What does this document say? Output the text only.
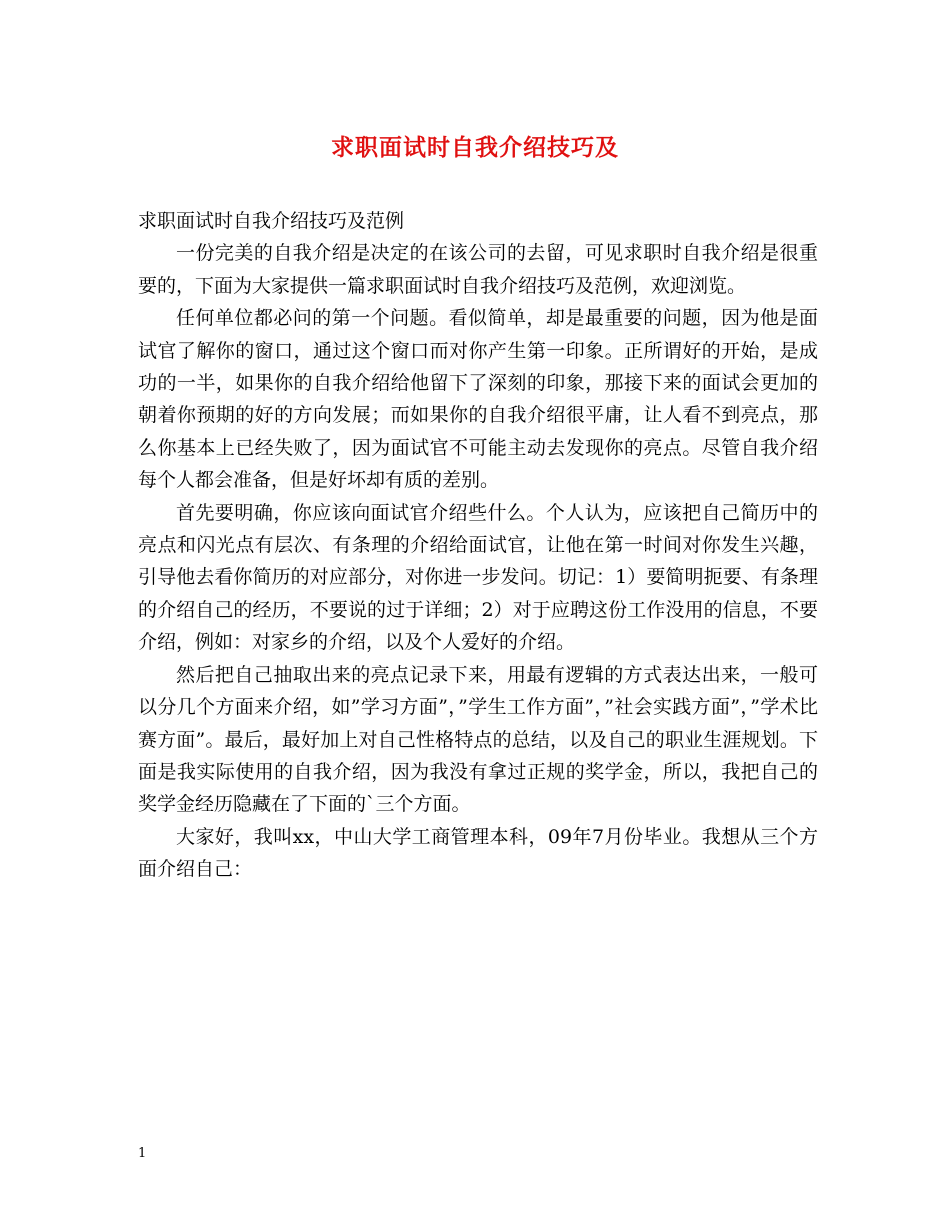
求职面试时自我介绍技巧及

求职面试时自我介绍技巧及范例

一份完美的自我介绍是决定的在该公司的去留，可见求职时自我介绍是很重要的，下面为大家提供一篇求职面试时自我介绍技巧及范例，欢迎浏览。

任何单位都必问的第一个问题。看似简单，却是最重要的问题，因为他是面试官了解你的窗口，通过这个窗口而对你产生第一印象。正所谓好的开始，是成功的一半，如果你的自我介绍给他留下了深刻的印象，那接下来的面试会更加的朝着你预期的好的方向发展；而如果你的自我介绍很平庸，让人看不到亮点，那么你基本上已经失败了，因为面试官不可能主动去发现你的亮点。尽管自我介绍每个人都会准备，但是好坏却有质的差别。

首先要明确，你应该向面试官介绍些什么。个人认为，应该把自己简历中的亮点和闪光点有层次、有条理的介绍给面试官，让他在第一时间对你发生兴趣，引导他去看你简历的对应部分，对你进一步发问。切记：1）要简明扼要、有条理的介绍自己的经历，不要说的过于详细；2）对于应聘这份工作没用的信息，不要介绍，例如：对家乡的介绍，以及个人爱好的介绍。

然后把自己抽取出来的亮点记录下来，用最有逻辑的方式表达出来，一般可以分几个方面来介绍，如”学习方面”，”学生工作方面”，”社会实践方面”，”学术比赛方面”。最后，最好加上对自己性格特点的总结，以及自己的职业生涯规划。下面是我实际使用的自我介绍，因为我没有拿过正规的奖学金，所以，我把自己的奖学金经历隐藏在了下面的`三个方面。

大家好，我叫xx，中山大学工商管理本科，09年7月份毕业。我想从三个方面介绍自己：

1
